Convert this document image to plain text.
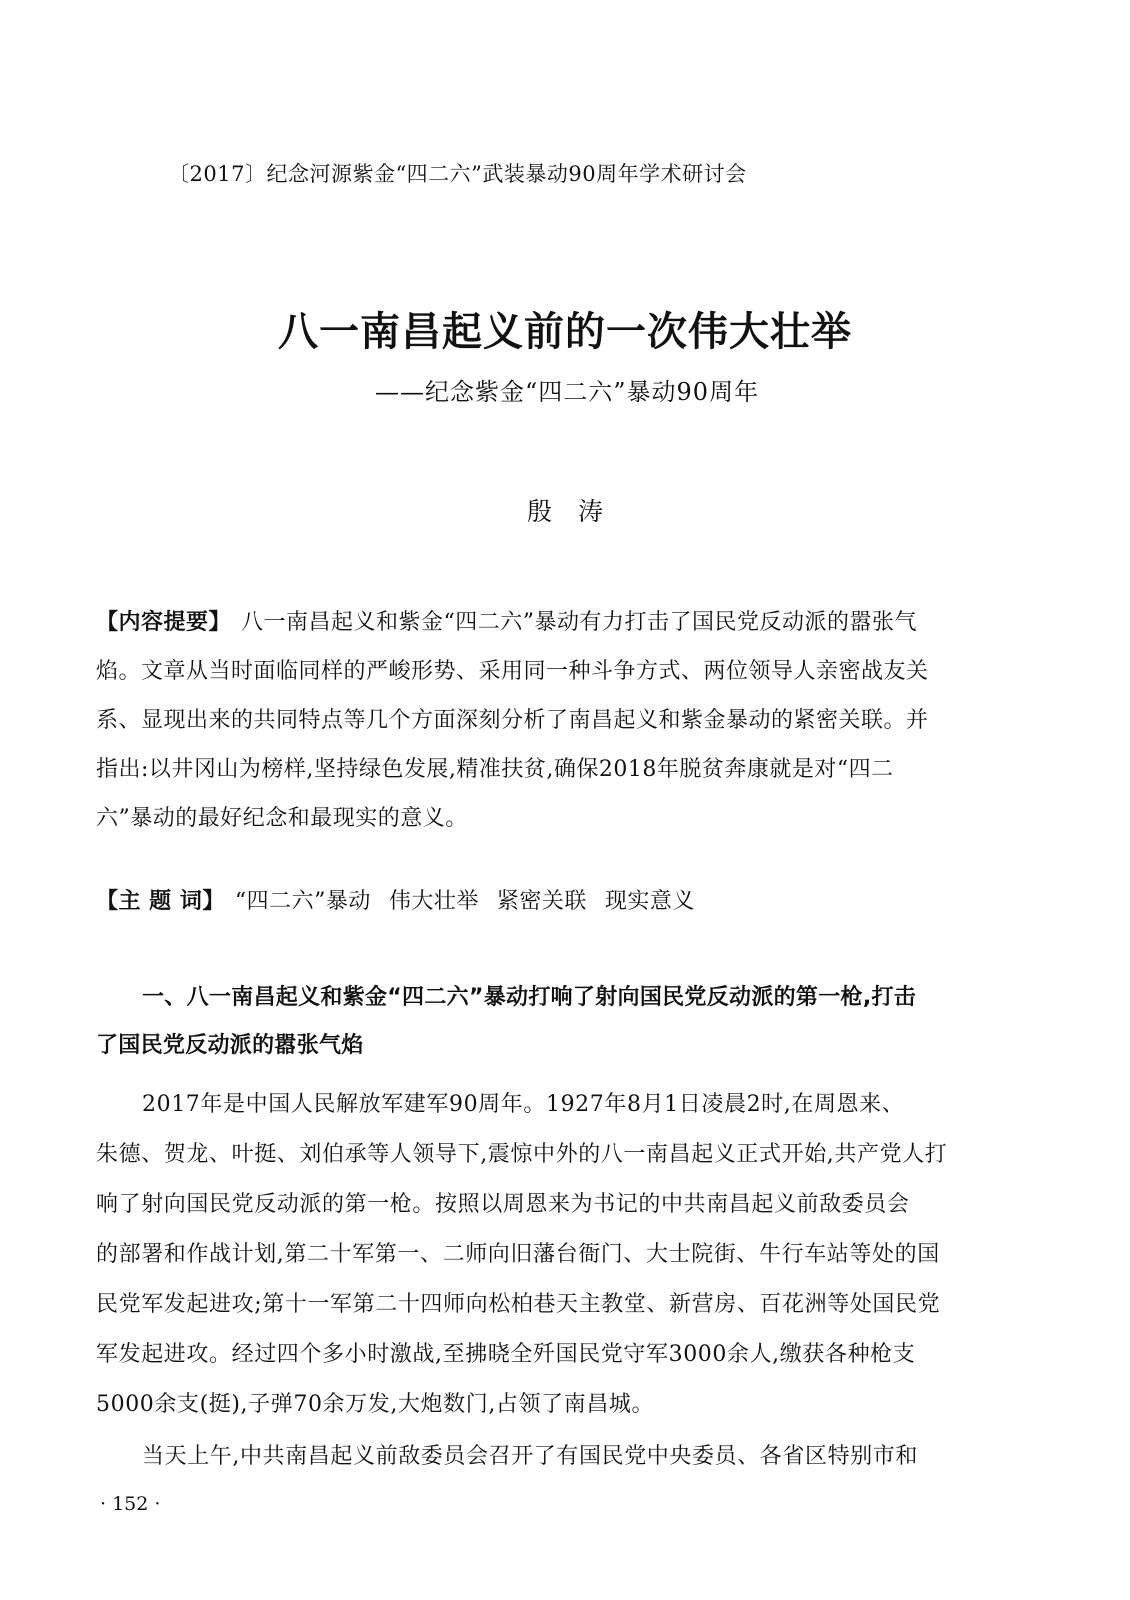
〔2017〕纪念河源紫金“四二六”武装暴动90周年学术研讨会
八一南昌起义前的一次伟大壮举
——纪念紫金“四二六”暴动90周年
殷涛
【内容提要】 八一南昌起义和紫金“四二六”暴动有力打击了国民党反动派的嚣张气
焰。文章从当时面临同样的严峻形势、采用同一种斗争方式、两位领导人亲密战友关
系、显现出来的共同特点等几个方面深刻分析了南昌起义和紫金暴动的紧密关联。并
指出:以井冈山为榜样,坚持绿色发展,精准扶贫,确保2018年脱贫奔康就是对“四二
六”暴动的最好纪念和最现实的意义。
【主 题 词】 “四二六”暴动 伟大壮举 紧密关联 现实意义
一、八一南昌起义和紫金“四二六”暴动打响了射向国民党反动派的第一枪,打击
了国民党反动派的嚣张气焰
2017年是中国人民解放军建军90周年。1927年8月1日凌晨2时,在周恩来、
朱德、贺龙、叶挺、刘伯承等人领导下,震惊中外的八一南昌起义正式开始,共产党人打
响了射向国民党反动派的第一枪。按照以周恩来为书记的中共南昌起义前敌委员会
的部署和作战计划,第二十军第一、二师向旧藩台衙门、大士院街、牛行车站等处的国
民党军发起进攻;第十一军第二十四师向松柏巷天主教堂、新营房、百花洲等处国民党
军发起进攻。经过四个多小时激战,至拂晓全歼国民党守军3000余人,缴获各种枪支
5000余支(挺),子弹70余万发,大炮数门,占领了南昌城。
当天上午,中共南昌起义前敌委员会召开了有国民党中央委员、各省区特别市和
· 152 ·
